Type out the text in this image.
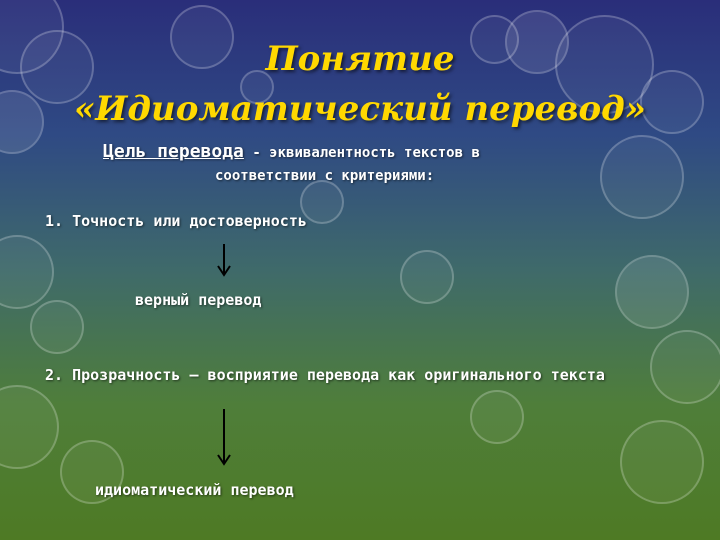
Понятие
«Идиоматический перевод»

Цель перевода - эквивалентность текстов в

соответствии с критериями:

1. Точность или достоверность

верный перевод

2. Прозрачность – восприятие перевода как оригинального текста

идиоматический перевод
